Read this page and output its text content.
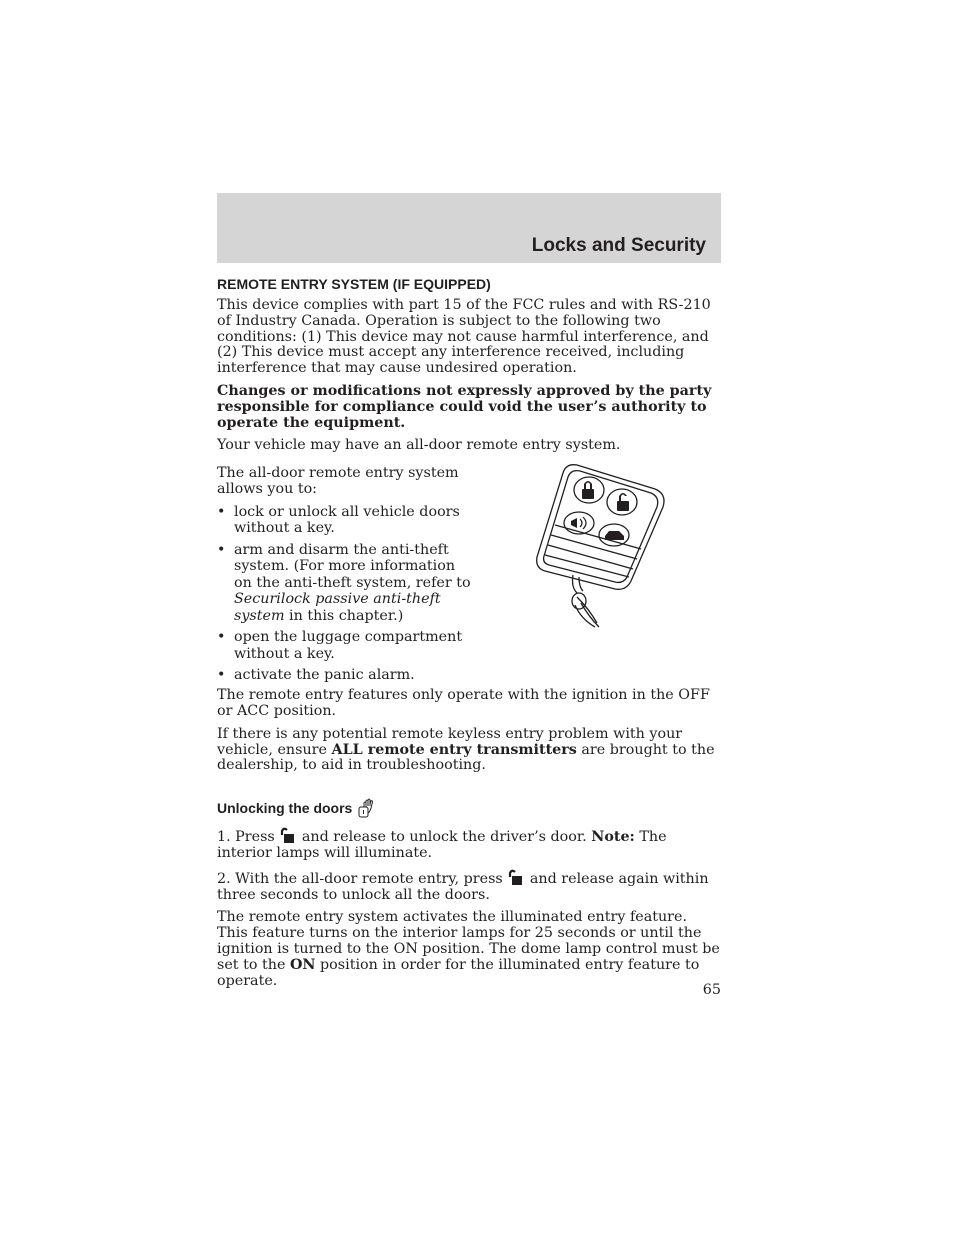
Locks and Security
REMOTE ENTRY SYSTEM (IF EQUIPPED)

This device complies with part 15 of the FCC rules and with RS-210 of Industry Canada. Operation is subject to the following two conditions: (1) This device may not cause harmful interference, and (2) This device must accept any interference received, including interference that may cause undesired operation.

Changes or modifications not expressly approved by the party responsible for compliance could void the user’s authority to operate the equipment.

Your vehicle may have an all-door remote entry system.

The all-door remote entry system allows you to:

• lock or unlock all vehicle doors without a key.
• arm and disarm the anti-theft system. (For more information on the anti-theft system, refer to Securilock passive anti-theft system in this chapter.)
• open the luggage compartment without a key.
• activate the panic alarm.

The remote entry features only operate with the ignition in the OFF or ACC position.

If there is any potential remote keyless entry problem with your vehicle, ensure ALL remote entry transmitters are brought to the dealership, to aid in troubleshooting.

Unlocking the doors

1. Press  and release to unlock the driver’s door. Note: The interior lamps will illuminate.

2. With the all-door remote entry, press  and release again within three seconds to unlock all the doors.

The remote entry system activates the illuminated entry feature. This feature turns on the interior lamps for 25 seconds or until the ignition is turned to the ON position. The dome lamp control must be set to the ON position in order for the illuminated entry feature to operate.

65
